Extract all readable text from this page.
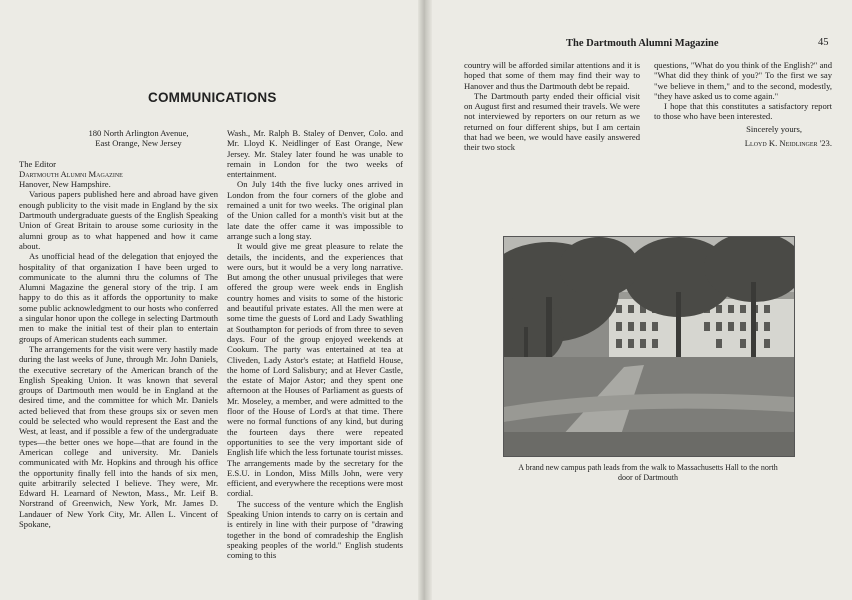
COMMUNICATIONS

180 North Arlington Avenue,

East Orange, New Jersey

The Editor

Dartmouth Alumni Magazine

Hanover, New Hampshire.

Various papers published here and abroad have given enough publicity to the visit made in England by the six Dartmouth undergraduate guests of the English Speaking Union of Great Britain to arouse some curiosity in the alumni group as to what happened and how it came about.

As unofficial head of the delegation that enjoyed the hospitality of that organization I have been urged to communicate to the alumni thru the columns of The Alumni Magazine the general story of the trip. I am happy to do this as it affords the opportunity to make some public acknowledgment to our hosts who conferred a singular honor upon the college in selecting Dartmouth men to make the initial test of their plan to entertain groups of American students each summer.

The arrangements for the visit were very hastily made during the last weeks of June, through Mr. John Daniels, the executive secretary of the American branch of the English Speaking Union. It was known that several groups of Dartmouth men would be in England at the desired time, and the committee for which Mr. Daniels acted believed that from these groups six or seven men could be selected who would represent the East and the West, at least, and if possible a few of the undergraduate types—the better ones we hope—that are found in the American college and university. Mr. Daniels communicated with Mr. Hopkins and through his office the opportunity finally fell into the hands of six men, quite arbitrarily selected I believe. They were, Mr. Edward H. Learnard of Newton, Mass., Mr. Leif B. Norstrand of Greenwich, New York, Mr. James D. Landauer of New York City, Mr. Allen L. Vincent of Spokane,

Wash., Mr. Ralph B. Staley of Denver, Colo. and Mr. Lloyd K. Neidlinger of East Orange, New Jersey. Mr. Staley later found he was unable to remain in London for the two weeks of entertainment.

On July 14th the five lucky ones arrived in London from the four corners of the globe and remained a unit for two weeks. The original plan of the Union called for a month's visit but at the late date the offer came it was impossible to arrange such a long stay.

It would give me great pleasure to relate the details, the incidents, and the experiences that were ours, but it would be a very long narrative. But among the other unusual privileges that were offered the group were week ends in English country homes and visits to some of the historic and beautiful private estates. All the men were at some time the guests of Lord and Lady Swathling at Southampton for periods of from three to seven days. Four of the group enjoyed weekends at Cookum. The party was entertained at tea at Cliveden, Lady Astor's estate; at Hatfield House, the home of Lord Salisbury; and at Hever Castle, the estate of Major Astor; and they spent one afternoon at the Houses of Parliament as guests of Mr. Moseley, a member, and were admitted to the floor of the House of Lord's at that time. There were no formal functions of any kind, but during the fourteen days there were repeated opportunities to see the very important side of English life which the less fortunate tourist misses. The arrangements made by the secretary for the E.S.U. in London, Miss Mills John, were very efficient, and everywhere the receptions were most cordial.

The success of the venture which the English Speaking Union intends to carry on is certain and is entirely in line with their purpose of "drawing together in the bond of comradeship the English speaking peoples of the world." English students coming to this

The Dartmouth Alumni Magazine	45

country will be afforded similar attentions and it is hoped that some of them may find their way to Hanover and thus the Dartmouth debt be repaid.

The Dartmouth party ended their official visit on August first and resumed their travels. We were not interviewed by reporters on our return as we returned on four different ships, but I am certain that had we been, we would have easily answered their two stock

questions, "What do you think of the English?" and "What did they think of you?" To the first we say "we believe in them," and to the second, modestly, "they have asked us to come again."

I hope that this constitutes a satisfactory report to those who have been interested.

Sincerely yours,

Lloyd K. Neidlinger '23.

A brand new campus path leads from the walk to Massachusetts Hall to the north door of Dartmouth
